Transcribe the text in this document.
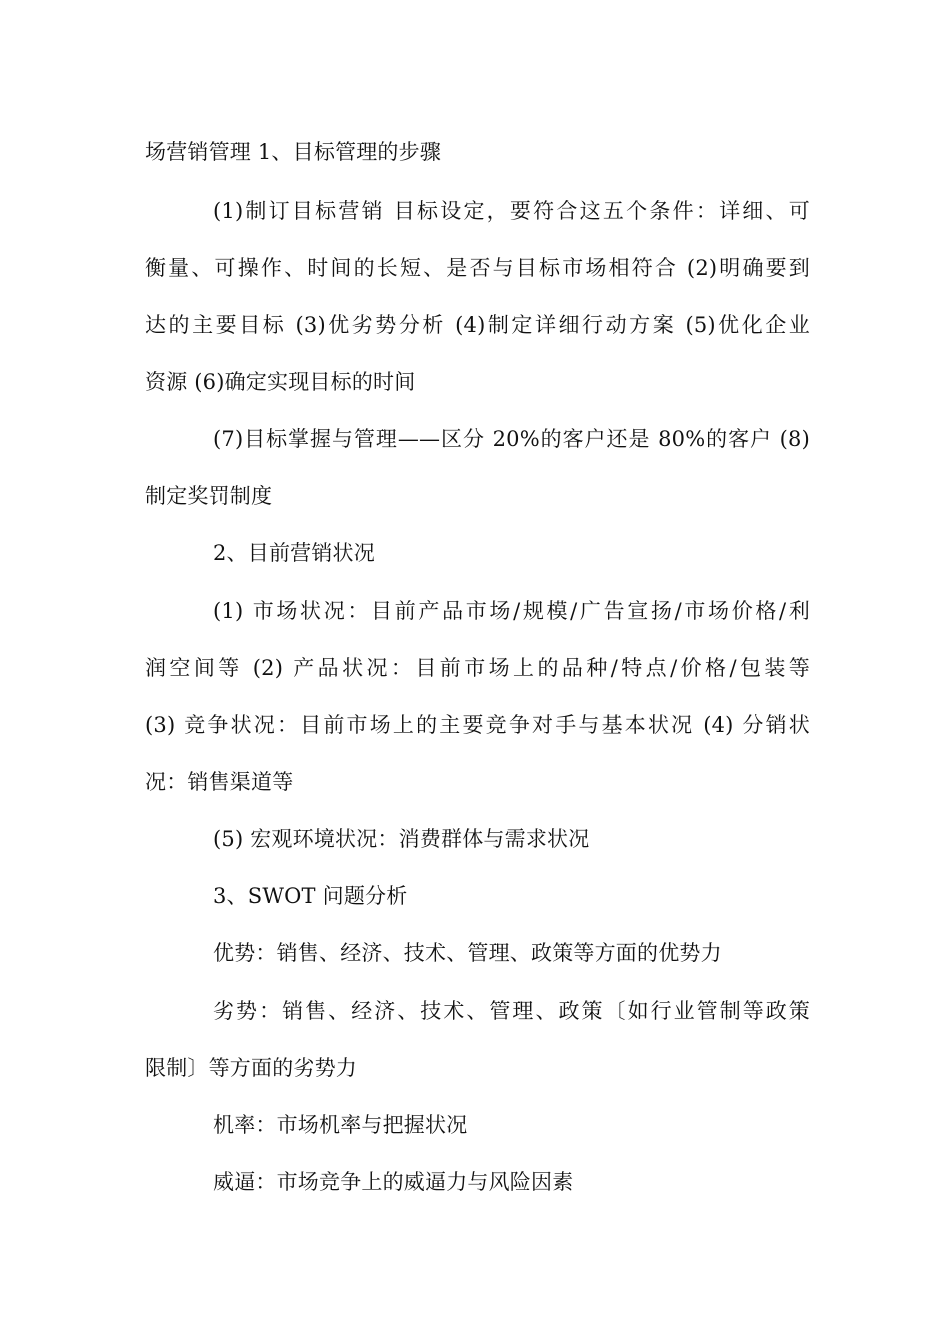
场营销管理 1、目标管理的步骤
(1)制订目标营销 目标设定，要符合这五个条件：详细、可
衡量、可操作、时间的长短、是否与目标市场相符合 (2)明确要到
达的主要目标 (3)优劣势分析 (4)制定详细行动方案 (5)优化企业
资源 (6)确定实现目标的时间
(7)目标掌握与管理——区分 20%的客户还是 80%的客户 (8)
制定奖罚制度
2、目前营销状况
(1) 市场状况：目前产品市场/规模/广告宣扬/市场价格/利
润空间等 (2) 产品状况：目前市场上的品种/特点/价格/包装等
(3) 竞争状况：目前市场上的主要竞争对手与基本状况 (4) 分销状
况：销售渠道等
(5) 宏观环境状况：消费群体与需求状况
3、SWOT 问题分析
优势：销售、经济、技术、管理、政策等方面的优势力
劣势：销售、经济、技术、管理、政策〔如行业管制等政策
限制〕等方面的劣势力
机率：市场机率与把握状况
威逼：市场竞争上的威逼力与风险因素
